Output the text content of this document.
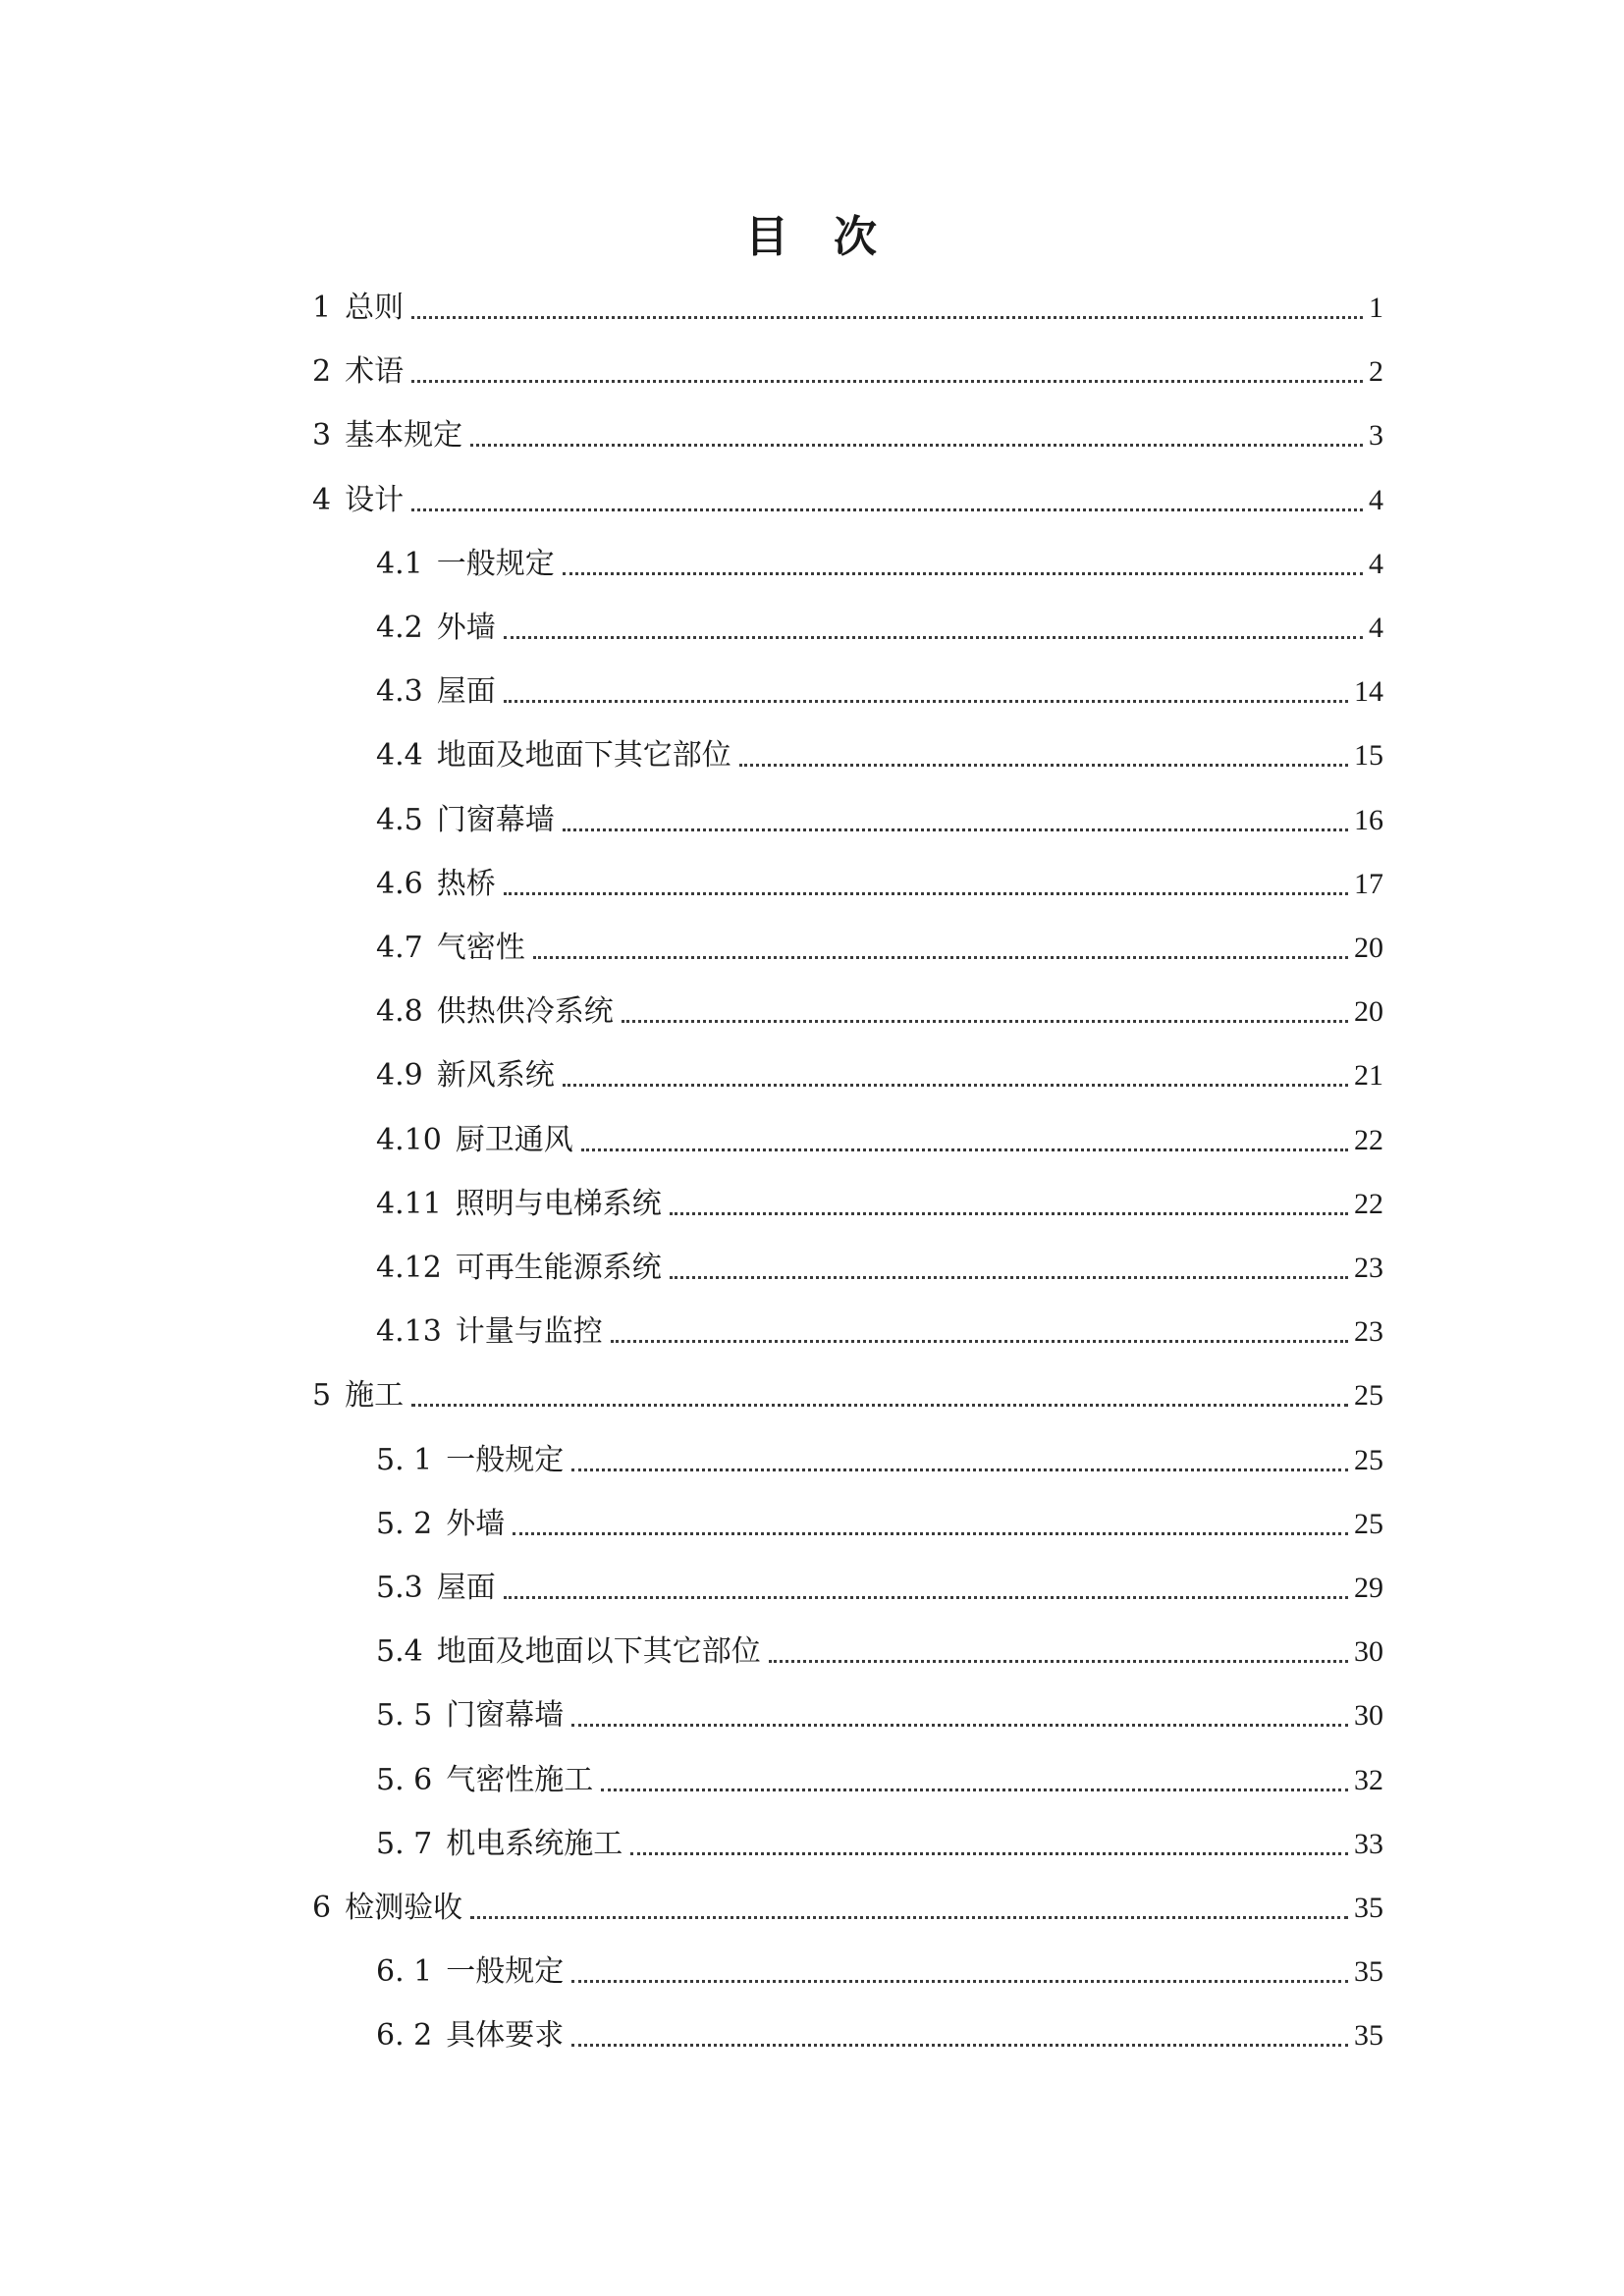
目 次
1 总则	1
2 术语	2
3 基本规定	3
4 设计	4
4.1 一般规定	4
4.2 外墙	4
4.3 屋面	14
4.4 地面及地面下其它部位	15
4.5 门窗幕墙	16
4.6 热桥	17
4.7 气密性	20
4.8 供热供冷系统	20
4.9 新风系统	21
4.10 厨卫通风	22
4.11 照明与电梯系统	22
4.12 可再生能源系统	23
4.13 计量与监控	23
5 施工	25
5. 1 一般规定	25
5. 2 外墙	25
5.3 屋面	29
5.4 地面及地面以下其它部位	30
5. 5 门窗幕墙	30
5. 6 气密性施工	32
5. 7 机电系统施工	33
6 检测验收	35
6. 1 一般规定	35
6. 2 具体要求	35
